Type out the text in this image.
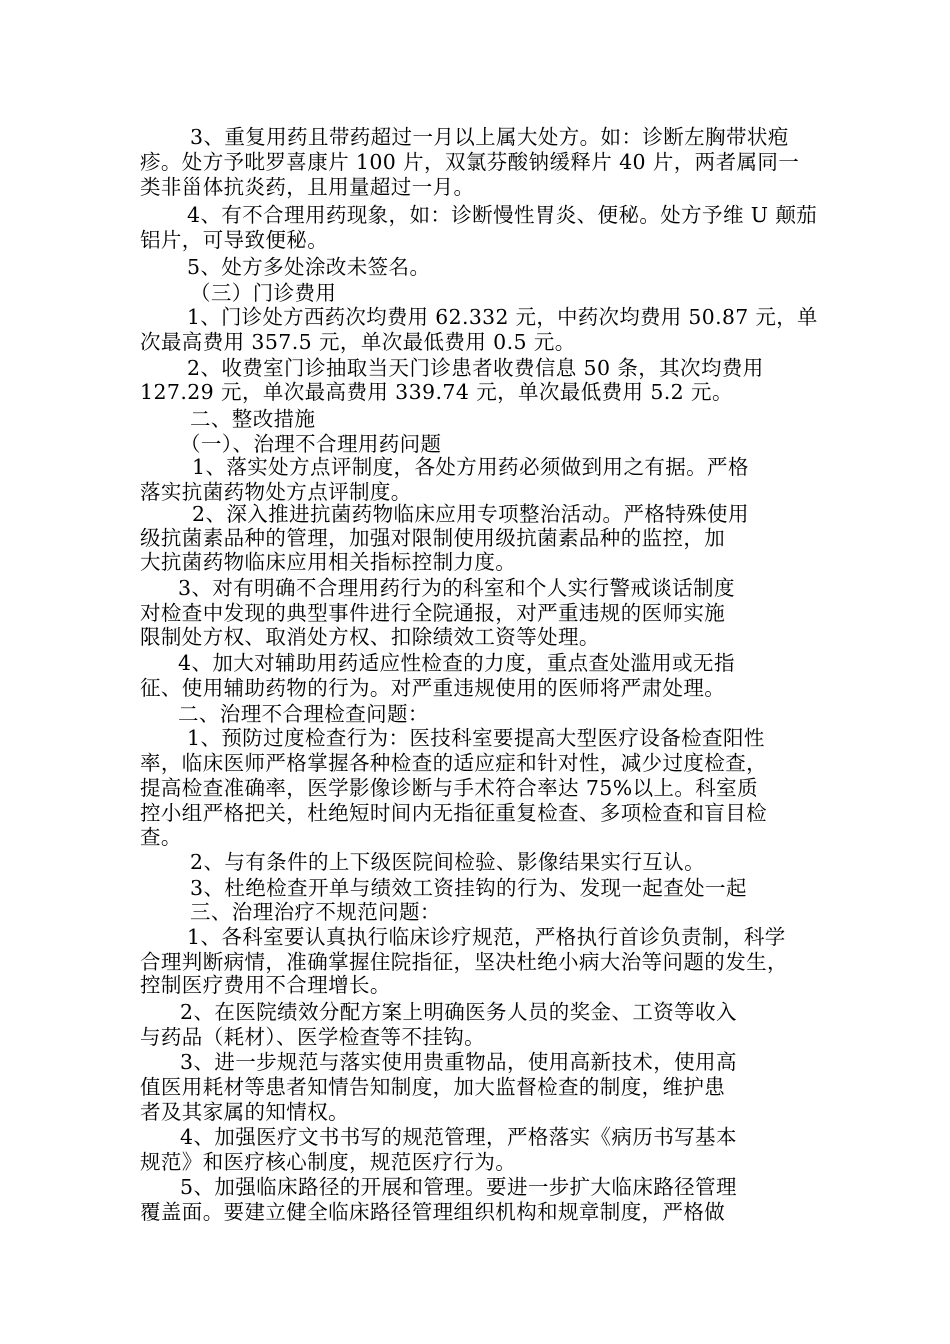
3、重复用药且带药超过一月以上属大处方。如：诊断左胸带状疱
疹。处方予吡罗喜康片 100 片，双氯芬酸钠缓释片 40 片，两者属同一
类非甾体抗炎药，且用量超过一月。
4、有不合理用药现象，如：诊断慢性胃炎、便秘。处方予维 U 颠茄
铝片，可导致便秘。
5、处方多处涂改未签名。
（三）门诊费用
1、门诊处方西药次均费用 62.332 元，中药次均费用 50.87 元，单
次最高费用 357.5 元，单次最低费用 0.5 元。
2、收费室门诊抽取当天门诊患者收费信息 50 条，其次均费用
127.29 元，单次最高费用 339.74 元，单次最低费用 5.2 元。
二、整改措施
（一）、治理不合理用药问题
1、落实处方点评制度，各处方用药必须做到用之有据。严格
落实抗菌药物处方点评制度。
2、深入推进抗菌药物临床应用专项整治活动。严格特殊使用
级抗菌素品种的管理，加强对限制使用级抗菌素品种的监控，加
大抗菌药物临床应用相关指标控制力度。
3、对有明确不合理用药行为的科室和个人实行警戒谈话制度
对检查中发现的典型事件进行全院通报，对严重违规的医师实施
限制处方权、取消处方权、扣除绩效工资等处理。
4、加大对辅助用药适应性检查的力度，重点查处滥用或无指
征、使用辅助药物的行为。对严重违规使用的医师将严肃处理。
二、治理不合理检查问题：
1、预防过度检查行为：医技科室要提高大型医疗设备检查阳性
率，临床医师严格掌握各种检查的适应症和针对性，减少过度检查，
提高检查准确率，医学影像诊断与手术符合率达 75%以上。科室质
控小组严格把关，杜绝短时间内无指征重复检查、多项检查和盲目检
查。
2、与有条件的上下级医院间检验、影像结果实行互认。
3、杜绝检查开单与绩效工资挂钩的行为、发现一起查处一起
三、治理治疗不规范问题：
1、各科室要认真执行临床诊疗规范，严格执行首诊负责制，科学
合理判断病情，准确掌握住院指征，坚决杜绝小病大治等问题的发生，
控制医疗费用不合理增长。
2、在医院绩效分配方案上明确医务人员的奖金、工资等收入
与药品（耗材）、医学检查等不挂钩。
3、进一步规范与落实使用贵重物品，使用高新技术，使用高
值医用耗材等患者知情告知制度，加大监督检查的制度，维护患
者及其家属的知情权。
4、加强医疗文书书写的规范管理，严格落实《病历书写基本
规范》和医疗核心制度，规范医疗行为。
5、加强临床路径的开展和管理。要进一步扩大临床路径管理
覆盖面。要建立健全临床路径管理组织机构和规章制度，严格做
